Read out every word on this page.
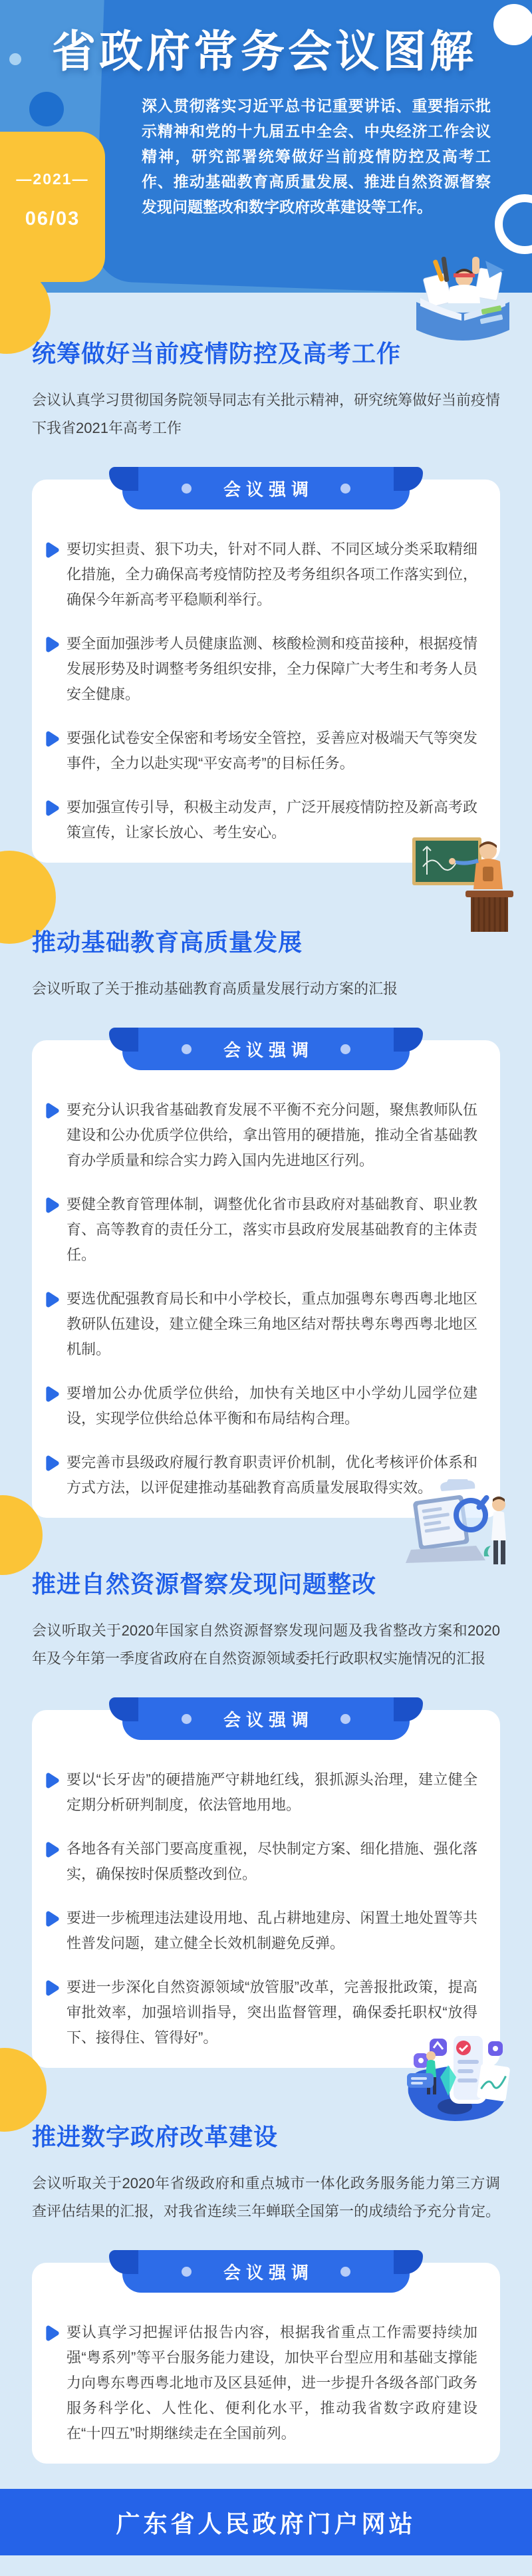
省政府常务会议图解
—2021—
06/03

深入贯彻落实习近平总书记重要讲话、重要指示批示精神和党的十九届五中全会、中央经济工作会议精神，研究部署统筹做好当前疫情防控及高考工作、推动基础教育高质量发展、推进自然资源督察发现问题整改和数字政府改革建设等工作。

统筹做好当前疫情防控及高考工作

会议认真学习贯彻国务院领导同志有关批示精神，研究统筹做好当前疫情下我省2021年高考工作

会议强调

要切实担责、狠下功夫，针对不同人群、不同区域分类采取精细化措施，全力确保高考疫情防控及考务组织各项工作落实到位，确保今年新高考平稳顺利举行。

要全面加强涉考人员健康监测、核酸检测和疫苗接种，根据疫情发展形势及时调整考务组织安排，全力保障广大考生和考务人员安全健康。

要强化试卷安全保密和考场安全管控，妥善应对极端天气等突发事件，全力以赴实现“平安高考”的目标任务。

要加强宣传引导，积极主动发声，广泛开展疫情防控及新高考政策宣传，让家长放心、考生安心。

推动基础教育高质量发展

会议听取了关于推动基础教育高质量发展行动方案的汇报

会议强调

要充分认识我省基础教育发展不平衡不充分问题，聚焦教师队伍建设和公办优质学位供给，拿出管用的硬措施，推动全省基础教育办学质量和综合实力跨入国内先进地区行列。

要健全教育管理体制，调整优化省市县政府对基础教育、职业教育、高等教育的责任分工，落实市县政府发展基础教育的主体责任。

要选优配强教育局长和中小学校长，重点加强粤东粤西粤北地区教研队伍建设，建立健全珠三角地区结对帮扶粤东粤西粤北地区机制。

要增加公办优质学位供给，加快有关地区中小学幼儿园学位建设，实现学位供给总体平衡和布局结构合理。

要完善市县级政府履行教育职责评价机制，优化考核评价体系和方式方法，以评促建推动基础教育高质量发展取得实效。

推进自然资源督察发现问题整改

会议听取关于2020年国家自然资源督察发现问题及我省整改方案和2020年及今年第一季度省政府在自然资源领域委托行政职权实施情况的汇报

会议强调

要以“长牙齿”的硬措施严守耕地红线，狠抓源头治理，建立健全定期分析研判制度，依法管地用地。

各地各有关部门要高度重视，尽快制定方案、细化措施、强化落实，确保按时保质整改到位。

要进一步梳理违法建设用地、乱占耕地建房、闲置土地处置等共性普发问题，建立健全长效机制避免反弹。

要进一步深化自然资源领域“放管服”改革，完善报批政策，提高审批效率，加强培训指导，突出监督管理，确保委托职权“放得下、接得住、管得好”。

推进数字政府改革建设

会议听取关于2020年省级政府和重点城市一体化政务服务能力第三方调查评估结果的汇报，对我省连续三年蝉联全国第一的成绩给予充分肯定。

会议强调

要认真学习把握评估报告内容，根据我省重点工作需要持续加强“粤系列”等平台服务能力建设，加快平台型应用和基础支撑能力向粤东粤西粤北地市及区县延伸，进一步提升各级各部门政务服务科学化、人性化、便利化水平，推动我省数字政府建设在“十四五”时期继续走在全国前列。

广东省人民政府门户网站
